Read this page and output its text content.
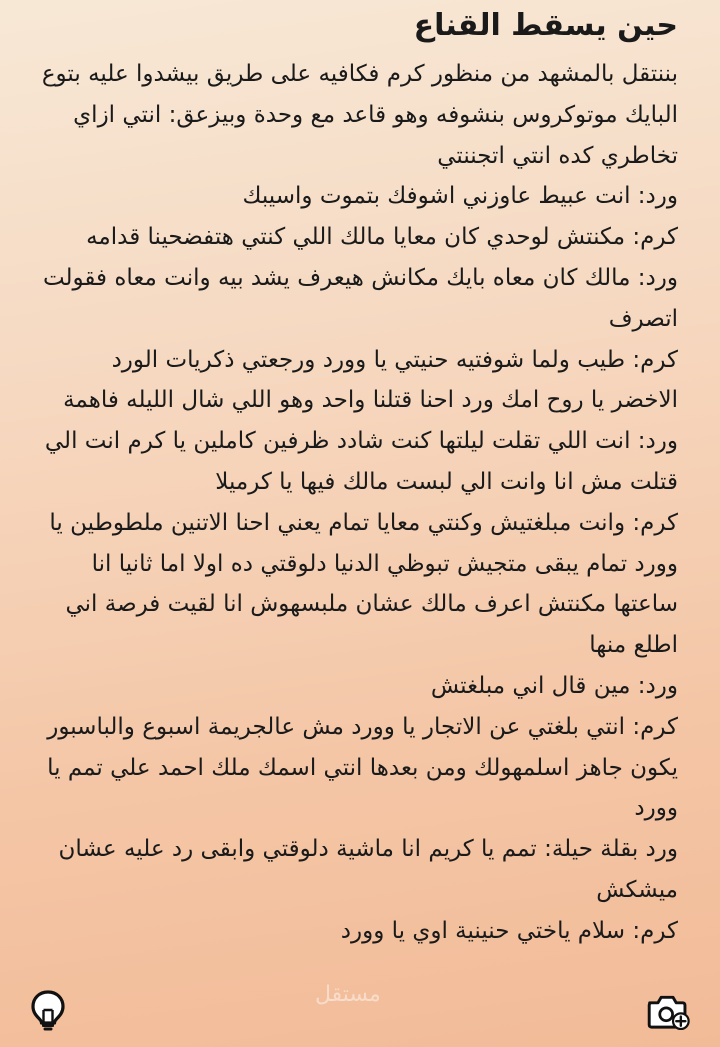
حين يسقط القناع

بننتقل بالمشهد من منظور كرم فكافيه على طريق بيشدوا عليه بتوع البايك موتوكروس بنشوفه وهو قاعد مع وحدة وبيزعق: انتي ازاي تخاطري كده انتي اتجننتي

ورد: انت عبيط عاوزني اشوفك بتموت واسيبك

كرم: مكنتش لوحدي كان معايا مالك اللي كنتي هتفضحينا قدامه

ورد: مالك كان معاه بايك مكانش هيعرف يشد بيه وانت معاه فقولت اتصرف

كرم: طيب ولما شوفتيه حنيتي يا وورد ورجعتي ذكريات الورد الاخضر يا روح امك ورد احنا قتلنا واحد وهو اللي شال الليله فاهمة

ورد: انت اللي تقلت ليلتها كنت شادد ظرفين كاملين يا كرم انت الي قتلت مش انا وانت الي لبست مالك فيها يا كرميلا

كرم: وانت مبلغتيش وكنتي معايا تمام يعني احنا الاتنين ملطوطين يا وورد تمام يبقى متجيش تبوظي الدنيا دلوقتي ده اولا اما ثانيا انا ساعتها مكنتش اعرف مالك عشان ملبسهوش انا لقيت فرصة اني اطلع منها

ورد: مين قال اني مبلغتش

كرم: انتي بلغتي عن الاتجار يا وورد مش عالجريمة اسبوع والباسبور يكون جاهز اسلمهولك ومن بعدها انتي اسمك ملك احمد علي تمم يا وورد

ورد بقلة حيلة: تمم يا كريم انا ماشية دلوقتي وابقى رد عليه عشان ميشكش

كرم: سلام ياختي حنينية اوي يا وورد

مستقل
